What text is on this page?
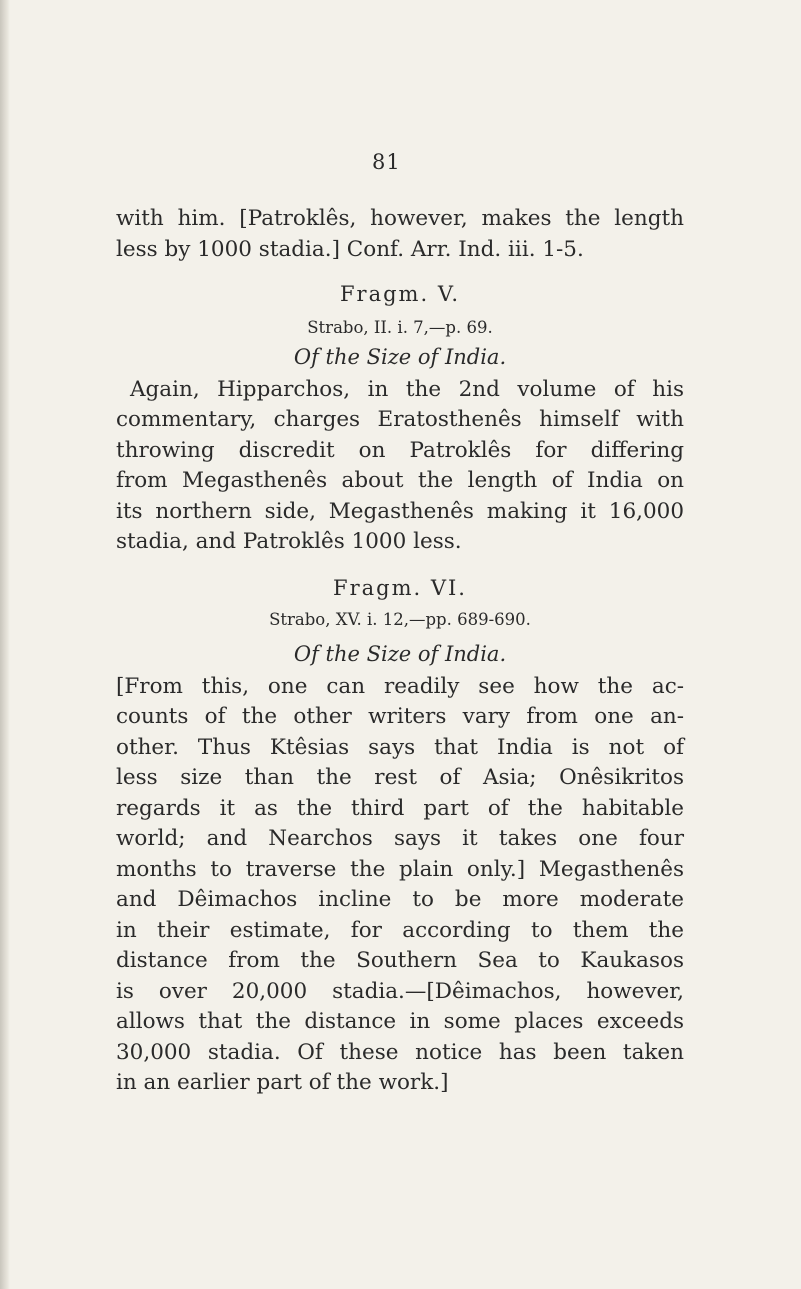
81
with him. [Patroklês, however, makes the length
less by 1000 stadia.] Conf. Arr. Ind. iii. 1-5.
Fragm. V.
Strabo, II. i. 7,—p. 69.
Of the Size of India.
Again, Hipparchos, in the 2nd volume of his
commentary, charges Eratosthenês himself with
throwing discredit on Patroklês for differing
from Megasthenês about the length of India on
its northern side, Megasthenês making it 16,000
stadia, and Patroklês 1000 less.
Fragm. VI.
Strabo, XV. i. 12,—pp. 689-690.
Of the Size of India.
[From this, one can readily see how the ac-
counts of the other writers vary from one an-
other. Thus Ktêsias says that India is not of
less size than the rest of Asia; Onêsikritos
regards it as the third part of the habitable
world; and Nearchos says it takes one four
months to traverse the plain only.] Megasthenês
and Dêimachos incline to be more moderate
in their estimate, for according to them the
distance from the Southern Sea to Kaukasos
is over 20,000 stadia.—[Dêimachos, however,
allows that the distance in some places exceeds
30,000 stadia. Of these notice has been taken
in an earlier part of the work.]
